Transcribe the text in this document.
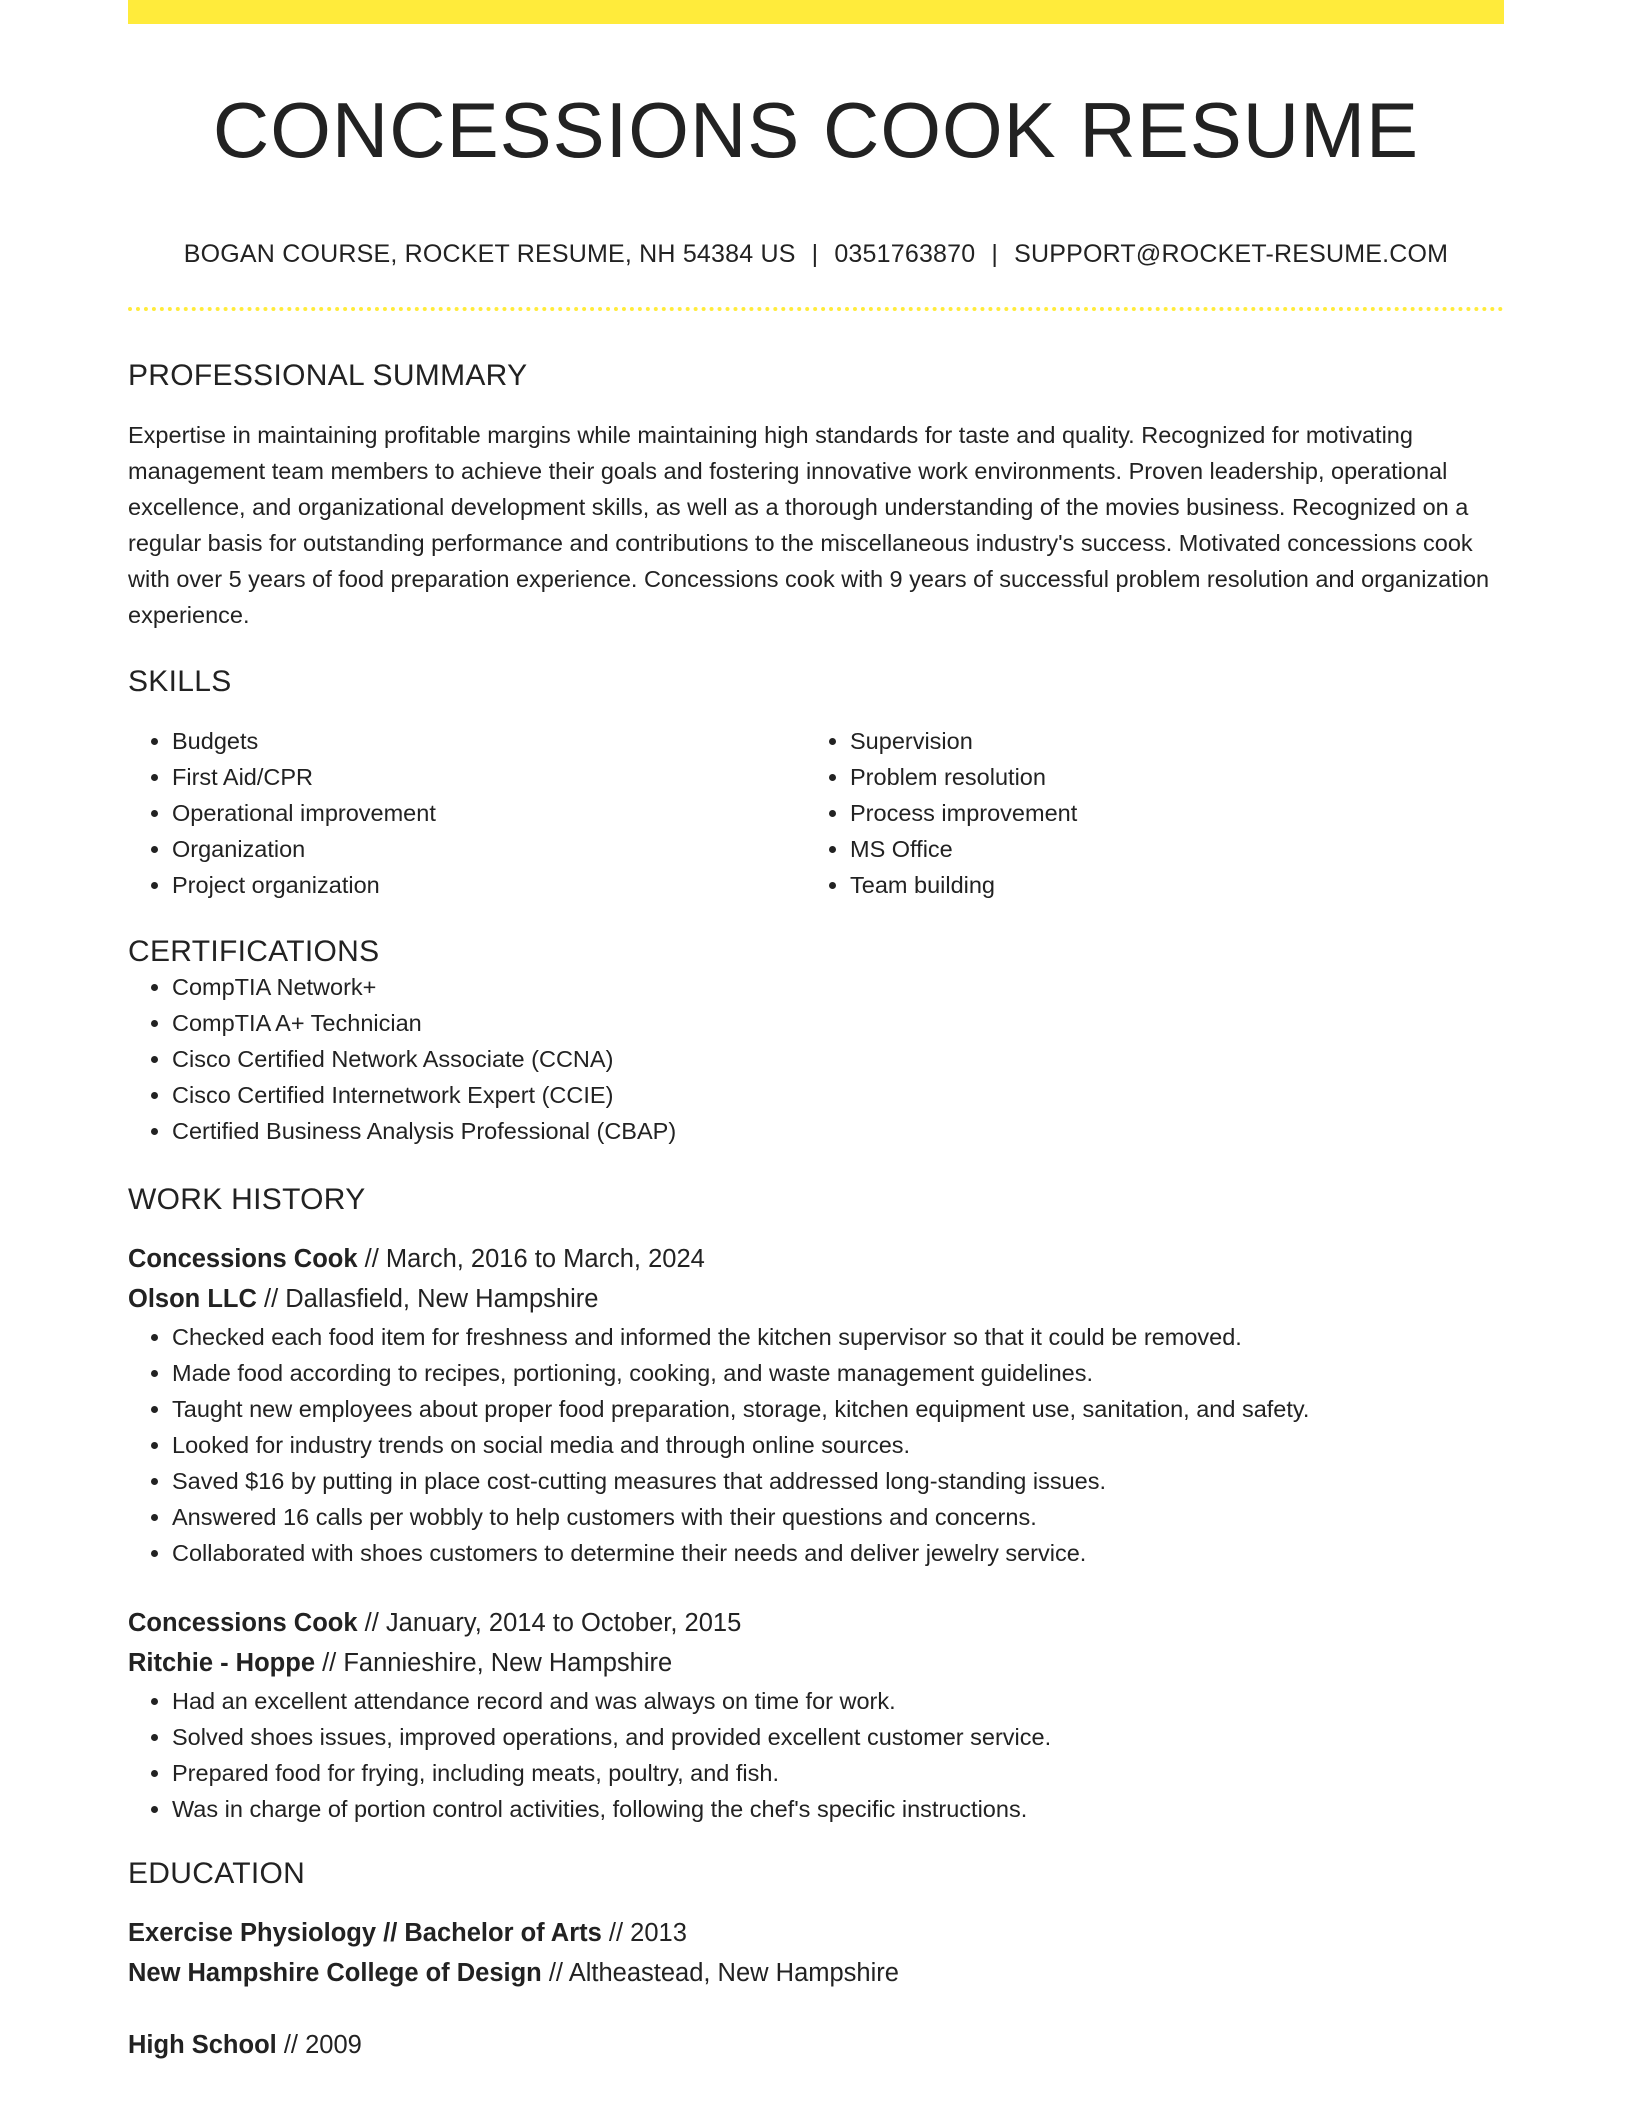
CONCESSIONS COOK RESUME
BOGAN COURSE, ROCKET RESUME, NH 54384 US | 0351763870 | SUPPORT@ROCKET-RESUME.COM
PROFESSIONAL SUMMARY
Expertise in maintaining profitable margins while maintaining high standards for taste and quality. Recognized for motivating management team members to achieve their goals and fostering innovative work environments. Proven leadership, operational excellence, and organizational development skills, as well as a thorough understanding of the movies business. Recognized on a regular basis for outstanding performance and contributions to the miscellaneous industry's success. Motivated concessions cook with over 5 years of food preparation experience. Concessions cook with 9 years of successful problem resolution and organization experience.
SKILLS
• Budgets
• First Aid/CPR
• Operational improvement
• Organization
• Project organization
• Supervision
• Problem resolution
• Process improvement
• MS Office
• Team building
CERTIFICATIONS
• CompTIA Network+
• CompTIA A+ Technician
• Cisco Certified Network Associate (CCNA)
• Cisco Certified Internetwork Expert (CCIE)
• Certified Business Analysis Professional (CBAP)
WORK HISTORY
Concessions Cook // March, 2016 to March, 2024
Olson LLC // Dallasfield, New Hampshire
• Checked each food item for freshness and informed the kitchen supervisor so that it could be removed.
• Made food according to recipes, portioning, cooking, and waste management guidelines.
• Taught new employees about proper food preparation, storage, kitchen equipment use, sanitation, and safety.
• Looked for industry trends on social media and through online sources.
• Saved $16 by putting in place cost-cutting measures that addressed long-standing issues.
• Answered 16 calls per wobbly to help customers with their questions and concerns.
• Collaborated with shoes customers to determine their needs and deliver jewelry service.
Concessions Cook // January, 2014 to October, 2015
Ritchie - Hoppe // Fannieshire, New Hampshire
• Had an excellent attendance record and was always on time for work.
• Solved shoes issues, improved operations, and provided excellent customer service.
• Prepared food for frying, including meats, poultry, and fish.
• Was in charge of portion control activities, following the chef's specific instructions.
EDUCATION
Exercise Physiology // Bachelor of Arts // 2013
New Hampshire College of Design // Altheastead, New Hampshire
High School // 2009
